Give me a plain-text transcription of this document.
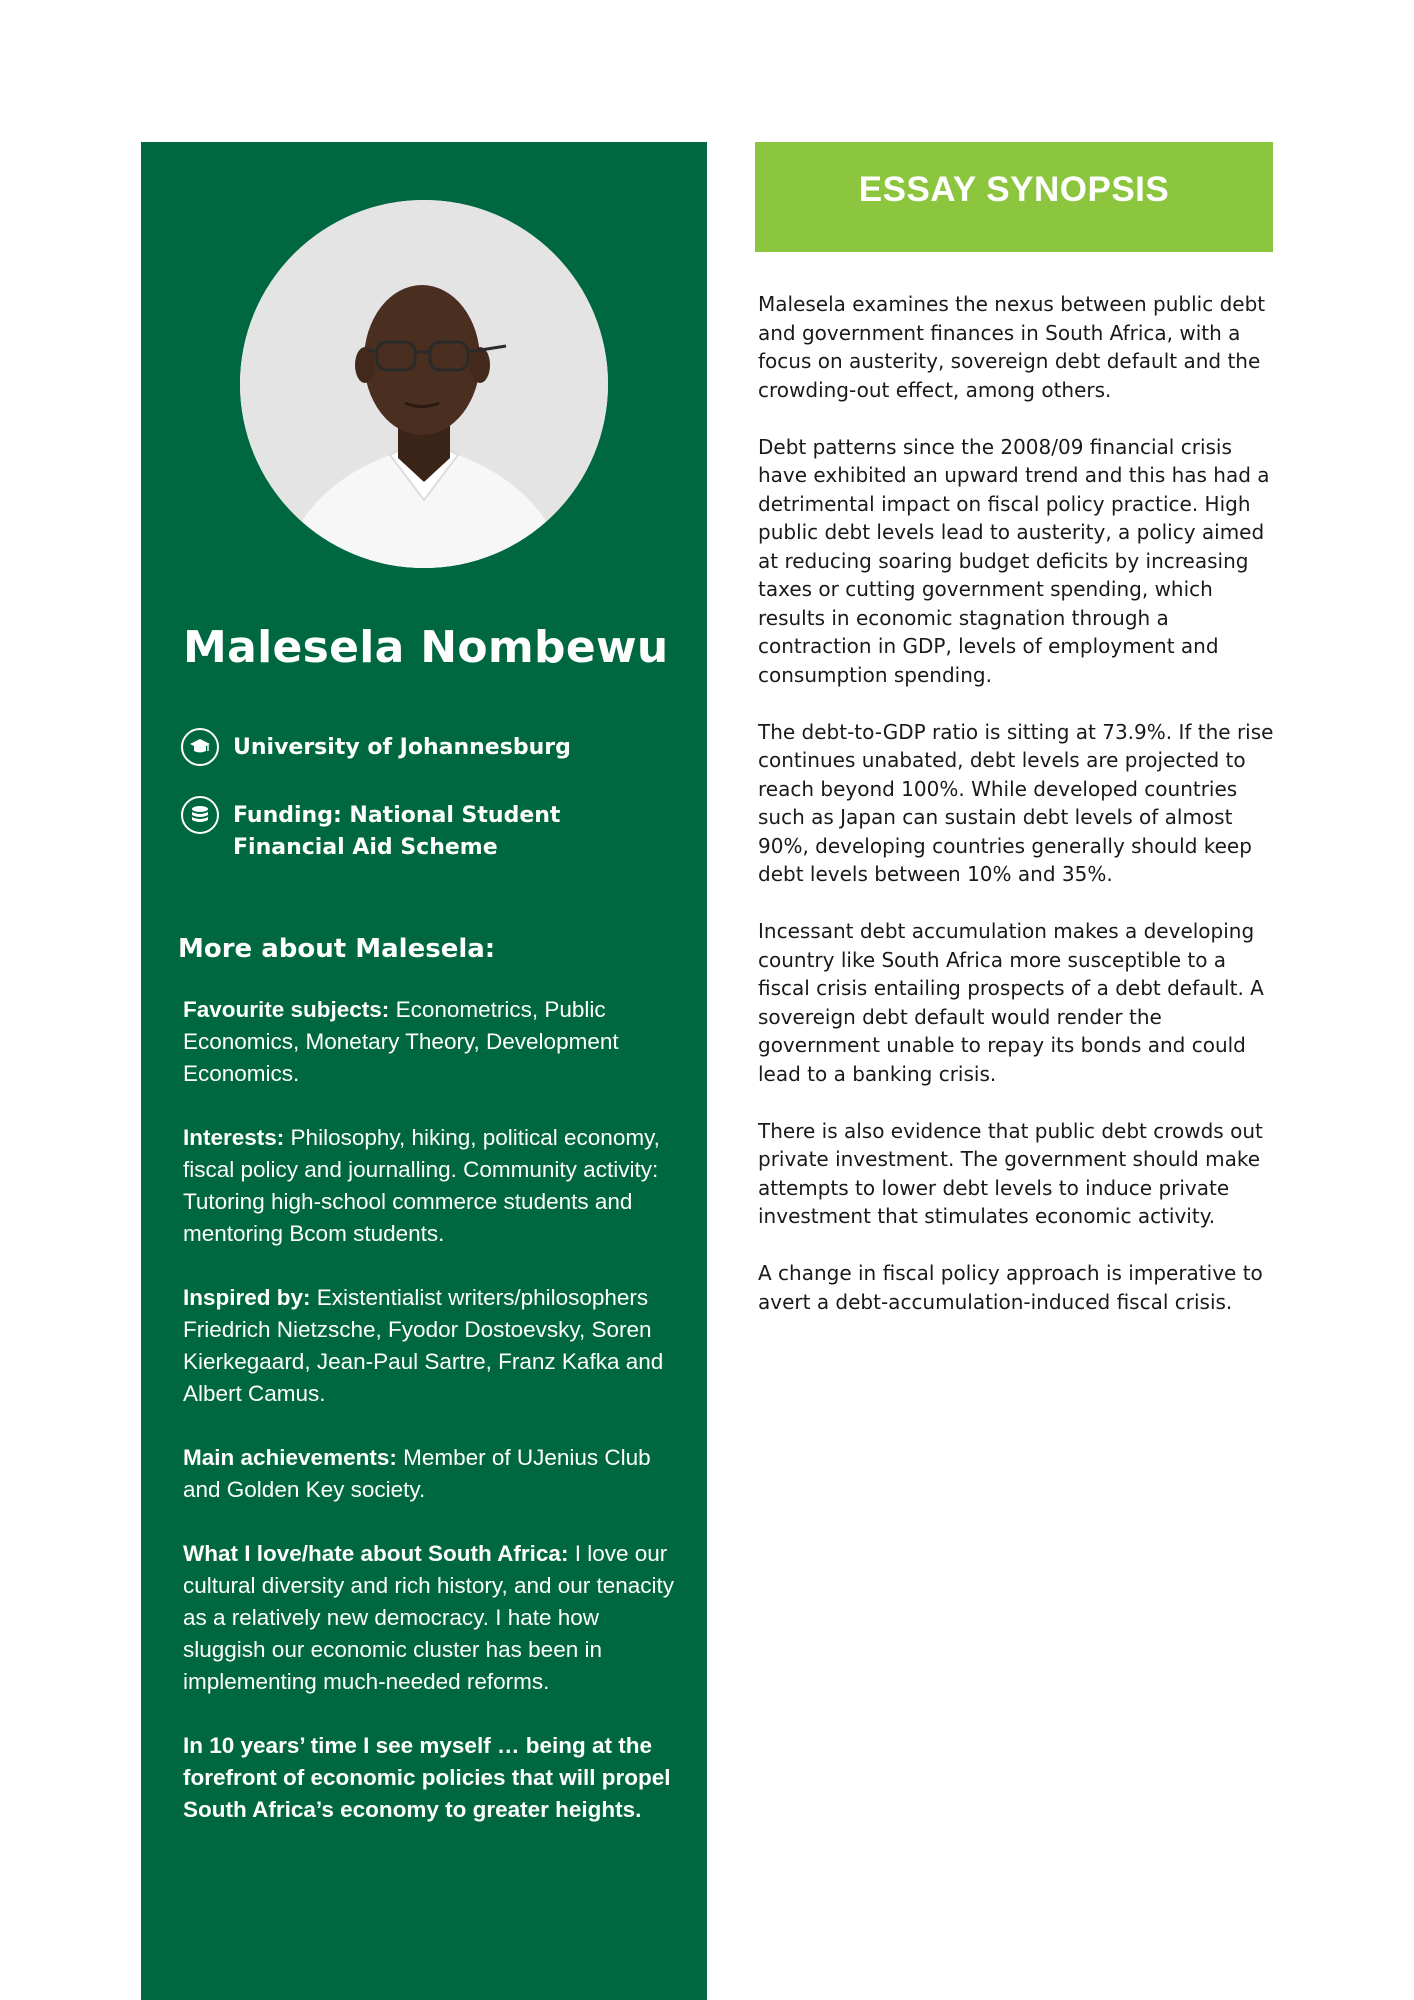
Malesela Nombewu
University of Johannesburg
Funding: National Student Financial Aid Scheme
More about Malesela:

Favourite subjects: Econometrics, Public Economics, Monetary Theory, Development Economics.

Interests: Philosophy, hiking, political economy, fiscal policy and journalling. Community activity: Tutoring high-school commerce students and mentoring Bcom students.

Inspired by: Existentialist writers/philosophers Friedrich Nietzsche, Fyodor Dostoevsky, Soren Kierkegaard, Jean-Paul Sartre, Franz Kafka and Albert Camus.

Main achievements: Member of UJenius Club and Golden Key society.

What I love/hate about South Africa: I love our cultural diversity and rich history, and our tenacity as a relatively new democracy. I hate how sluggish our economic cluster has been in implementing much-needed reforms.

In 10 years’ time I see myself … being at the forefront of economic policies that will propel South Africa’s economy to greater heights.

ESSAY SYNOPSIS

Malesela examines the nexus between public debt and government finances in South Africa, with a focus on austerity, sovereign debt default and the crowding-out effect, among others.

Debt patterns since the 2008/09 financial crisis have exhibited an upward trend and this has had a detrimental impact on fiscal policy practice. High public debt levels lead to austerity, a policy aimed at reducing soaring budget deficits by increasing taxes or cutting government spending, which results in economic stagnation through a contraction in GDP, levels of employment and consumption spending.

The debt-to-GDP ratio is sitting at 73.9%. If the rise continues unabated, debt levels are projected to reach beyond 100%. While developed countries such as Japan can sustain debt levels of almost 90%, developing countries generally should keep debt levels between 10% and 35%.

Incessant debt accumulation makes a developing country like South Africa more susceptible to a fiscal crisis entailing prospects of a debt default. A sovereign debt default would render the government unable to repay its bonds and could lead to a banking crisis.

There is also evidence that public debt crowds out private investment. The government should make attempts to lower debt levels to induce private investment that stimulates economic activity.

A change in fiscal policy approach is imperative to avert a debt-accumulation-induced fiscal crisis.
